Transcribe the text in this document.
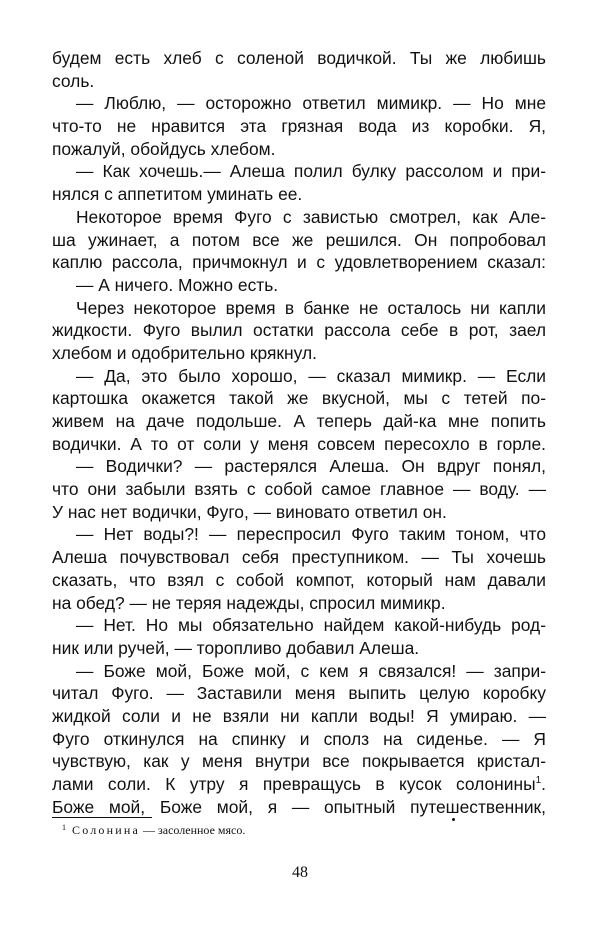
будем есть хлеб с соленой водичкой. Ты же любишь
соль.
— Люблю, — осторожно ответил мимикр. — Но мне
что-то не нравится эта грязная вода из коробки. Я,
пожалуй, обойдусь хлебом.
— Как хочешь.— Алеша полил булку рассолом и при-
нялся с аппетитом уминать ее.
Некоторое время Фуго с завистью смотрел, как Але-
ша ужинает, а потом все же решился. Он попробовал
каплю рассола, причмокнул и с удовлетворением сказал:
— А ничего. Можно есть.
Через некоторое время в банке не осталось ни капли
жидкости. Фуго вылил остатки рассола себе в рот, заел
хлебом и одобрительно крякнул.
— Да, это было хорошо, — сказал мимикр. — Если
картошка окажется такой же вкусной, мы с тетей по-
живем на даче подольше. А теперь дай-ка мне попить
водички. А то от соли у меня совсем пересохло в горле.
— Водички? — растерялся Алеша. Он вдруг понял,
что они забыли взять с собой самое главное — воду. —
У нас нет водички, Фуго, — виновато ответил он.
— Нет воды?! — переспросил Фуго таким тоном, что
Алеша почувствовал себя преступником. — Ты хочешь
сказать, что взял с собой компот, который нам давали
на обед? — не теряя надежды, спросил мимикр.
— Нет. Но мы обязательно найдем какой-нибудь род-
ник или ручей, — торопливо добавил Алеша.
— Боже мой, Боже мой, с кем я связался! — запри-
читал Фуго. — Заставили меня выпить целую коробку
жидкой соли и не взяли ни капли воды! Я умираю. —
Фуго откинулся на спинку и сполз на сиденье. — Я
чувствую, как у меня внутри все покрывается кристал-
лами соли. К утру я превращусь в кусок солонины$^1$.
Боже мой, Боже мой, я — опытный путешественник,
$^1$ Солонина — засоленное мясо.
48
